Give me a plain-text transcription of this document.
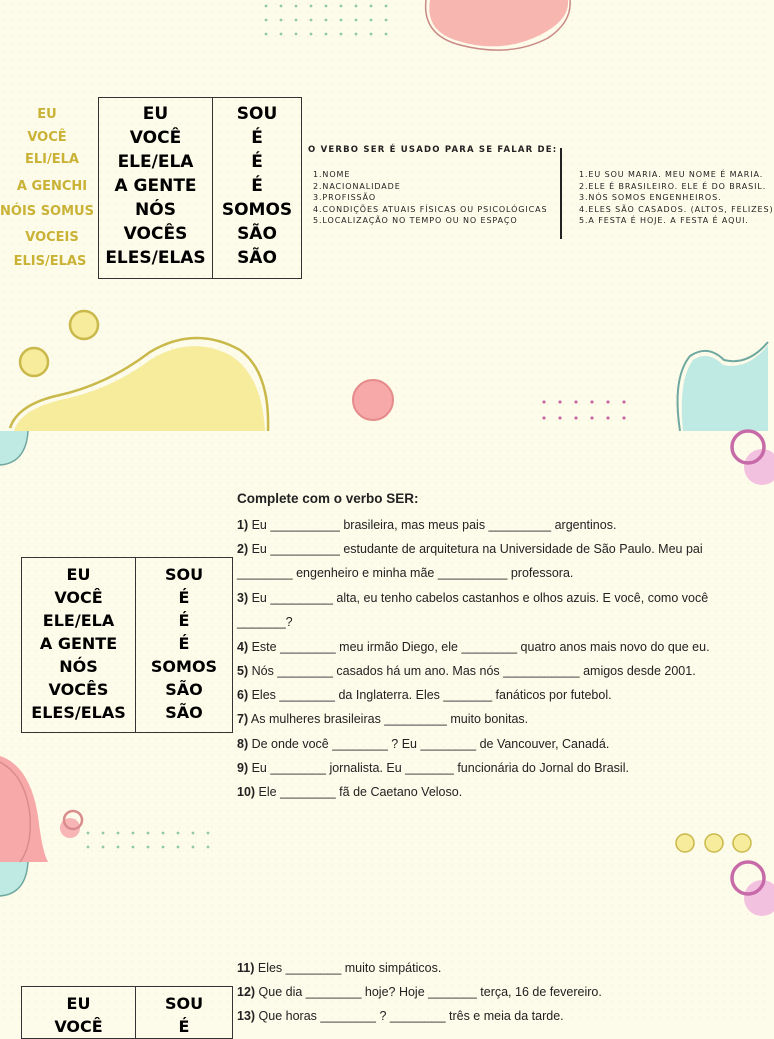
EU
VOCÊ
ELI/ELA
A GENCHI
NÓIS SOMUS
VOCEIS
ELIS/ELAS
EU	SOU
VOCÊ	É
ELE/ELA	É
A GENTE	É
NÓS	SOMOS
VOCÊS	SÃO
ELES/ELAS	SÃO
O VERBO SER É USADO PARA SE FALAR DE:
1.NOME
2.NACIONALIDADE
3.PROFISSÃO
4.CONDIÇÕES ATUAIS FÍSICAS OU PSICOLÓGICAS
5.LOCALIZAÇÃO NO TEMPO OU NO ESPAÇO
1.EU SOU MARIA. MEU NOME É MARIA.
2.ELE É BRASILEIRO. ELE É DO BRASIL.
3.NÓS SOMOS ENGENHEIROS.
4.ELES SÃO CASADOS. (ALTOS, FELIZES)
5.A FESTA É HOJE. A FESTA É AQUI.
EU	SOU
VOCÊ	É
ELE/ELA	É
A GENTE	É
NÓS	SOMOS
VOCÊS	SÃO
ELES/ELAS	SÃO
Complete com o verbo SER:
1) Eu __________ brasileira, mas meus pais _________ argentinos.
2) Eu __________ estudante de arquitetura na Universidade de São Paulo. Meu pai
________ engenheiro e minha mãe __________ professora.
3) Eu _________ alta, eu tenho cabelos castanhos e olhos azuis. E você, como você
_______?
4) Este ________ meu irmão Diego, ele ________ quatro anos mais novo do que eu.
5) Nós ________ casados há um ano. Mas nós ___________ amigos desde 2001.
6) Eles ________ da Inglaterra. Eles _______ fanáticos por futebol.
7) As mulheres brasileiras _________ muito bonitas.
8) De onde você ________ ? Eu ________ de Vancouver, Canadá.
9) Eu ________ jornalista. Eu _______ funcionária do Jornal do Brasil.
10) Ele ________ fã de Caetano Veloso.
11) Eles ________ muito simpáticos.
12) Que dia ________ hoje? Hoje _______ terça, 16 de fevereiro.
13) Que horas ________ ? ________ três e meia da tarde.
EU	SOU
VOCÊ	É
